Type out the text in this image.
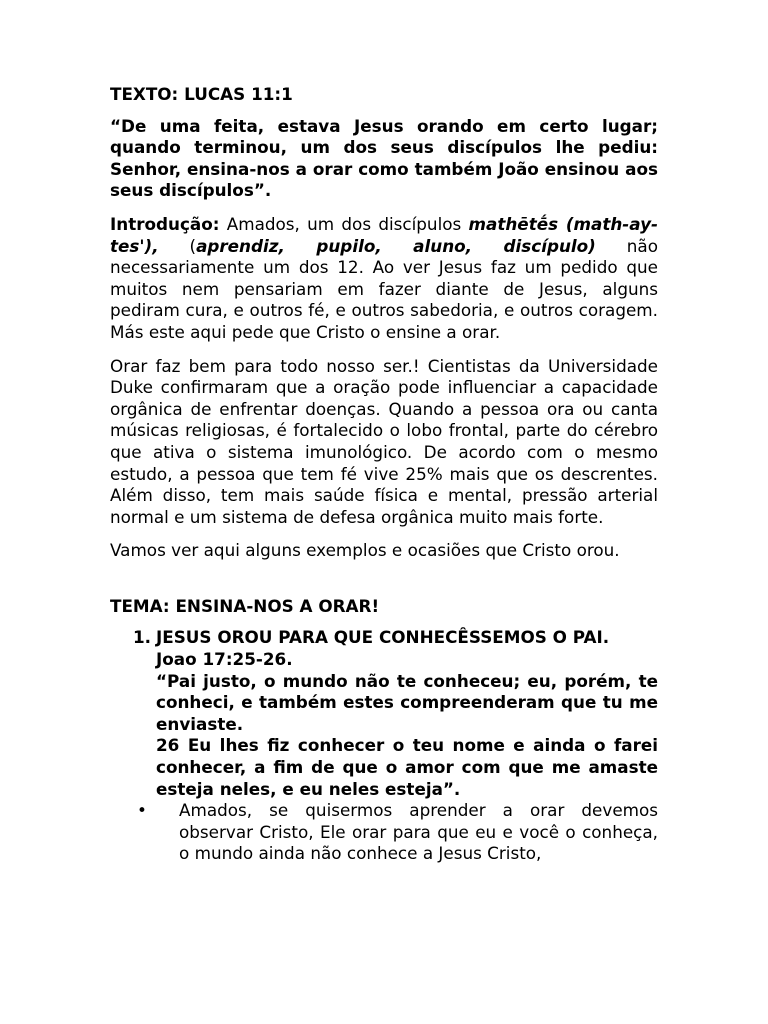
TEXTO: LUCAS 11:1

“De uma feita, estava Jesus orando em certo lugar; quando terminou, um dos seus discípulos lhe pediu: Senhor, ensina-nos a orar como também João ensinou aos seus discípulos”.

Introdução: Amados, um dos discípulos mathētḗs (math-ay-tes'), (aprendiz, pupilo, aluno, discípulo) não necessariamente um dos 12. Ao ver Jesus faz um pedido que muitos nem pensariam em fazer diante de Jesus, alguns pediram cura, e outros fé, e outros sabedoria, e outros coragem. Más este aqui pede que Cristo o ensine a orar.

Orar faz bem para todo nosso ser.! Cientistas da Universidade Duke confirmaram que a oração pode influenciar a capacidade orgânica de enfrentar doenças. Quando a pessoa ora ou canta músicas religiosas, é fortalecido o lobo frontal, parte do cérebro que ativa o sistema imunológico. De acordo com o mesmo estudo, a pessoa que tem fé vive 25% mais que os descrentes. Além disso, tem mais saúde física e mental, pressão arterial normal e um sistema de defesa orgânica muito mais forte.

Vamos ver aqui alguns exemplos e ocasiões que Cristo orou.

TEMA: ENSINA-NOS A ORAR!

1. JESUS OROU PARA QUE CONHECÊSSEMOS O PAI.

Joao 17:25-26.

“Pai justo, o mundo não te conheceu; eu, porém, te conheci, e também estes compreenderam que tu me enviaste.

26 Eu lhes fiz conhecer o teu nome e ainda o farei conhecer, a fim de que o amor com que me amaste esteja neles, e eu neles esteja”.

• Amados, se quisermos aprender a orar devemos observar Cristo, Ele orar para que eu e você o conheça, o mundo ainda não conhece a Jesus Cristo,
